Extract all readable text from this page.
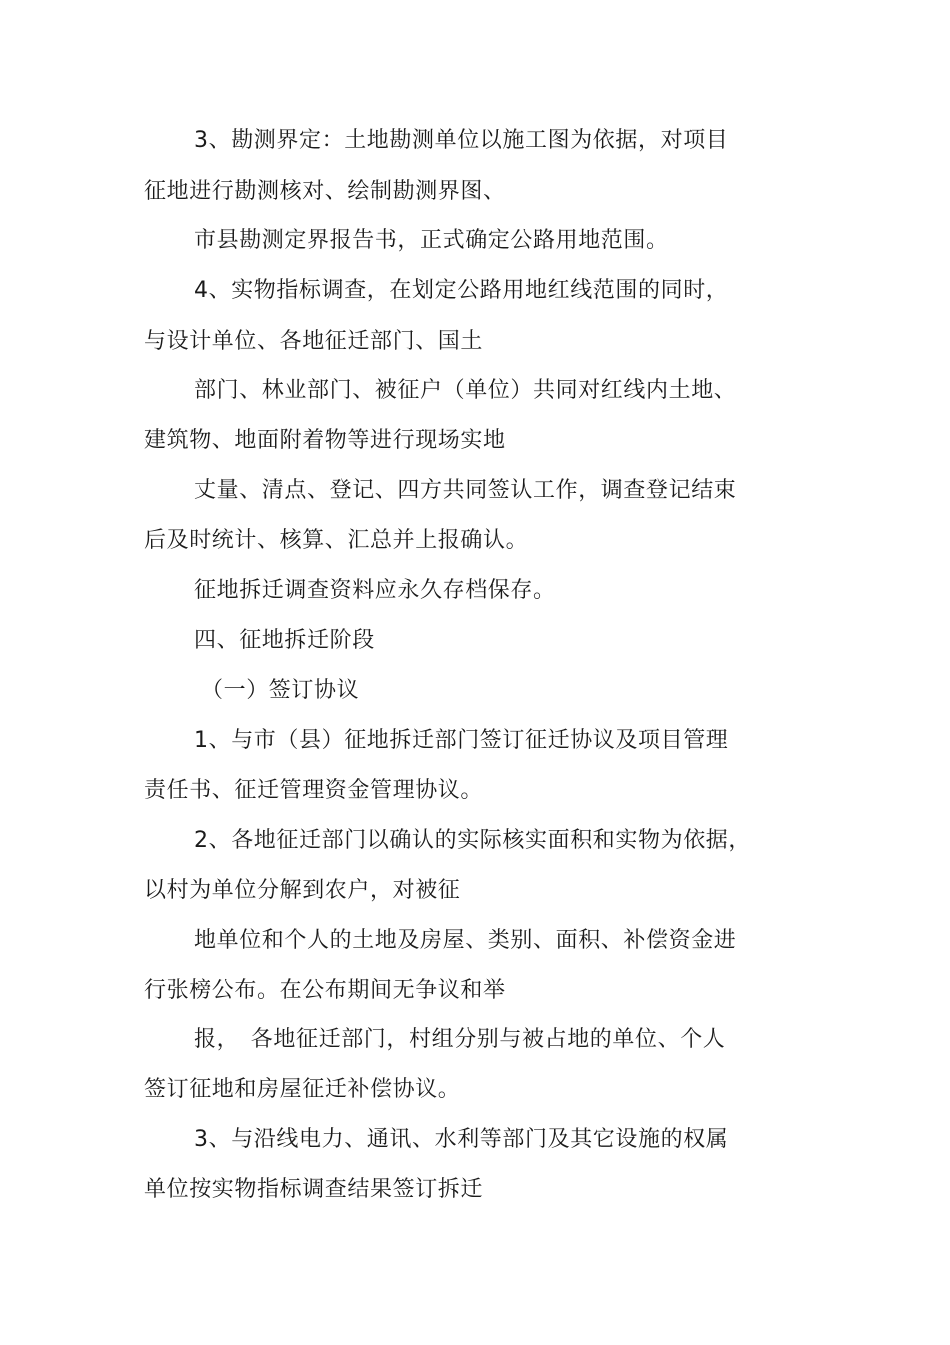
3、勘测界定：土地勘测单位以施工图为依据，对项目
征地进行勘测核对、绘制勘测界图、
市县勘测定界报告书，正式确定公路用地范围。
4、实物指标调查，在划定公路用地红线范围的同时，
与设计单位、各地征迁部门、国土
部门、林业部门、被征户（单位）共同对红线内土地、
建筑物、地面附着物等进行现场实地
丈量、清点、登记、四方共同签认工作，调查登记结束
后及时统计、核算、汇总并上报确认。
征地拆迁调查资料应永久存档保存。
四、征地拆迁阶段
（一）签订协议
1、与市（县）征地拆迁部门签订征迁协议及项目管理
责任书、征迁管理资金管理协议。
2、各地征迁部门以确认的实际核实面积和实物为依据，
以村为单位分解到农户，对被征
地单位和个人的土地及房屋、类别、面积、补偿资金进
行张榜公布。在公布期间无争议和举
报，　各地征迁部门，村组分别与被占地的单位、个人
签订征地和房屋征迁补偿协议。
3、与沿线电力、通讯、水利等部门及其它设施的权属
单位按实物指标调查结果签订拆迁
